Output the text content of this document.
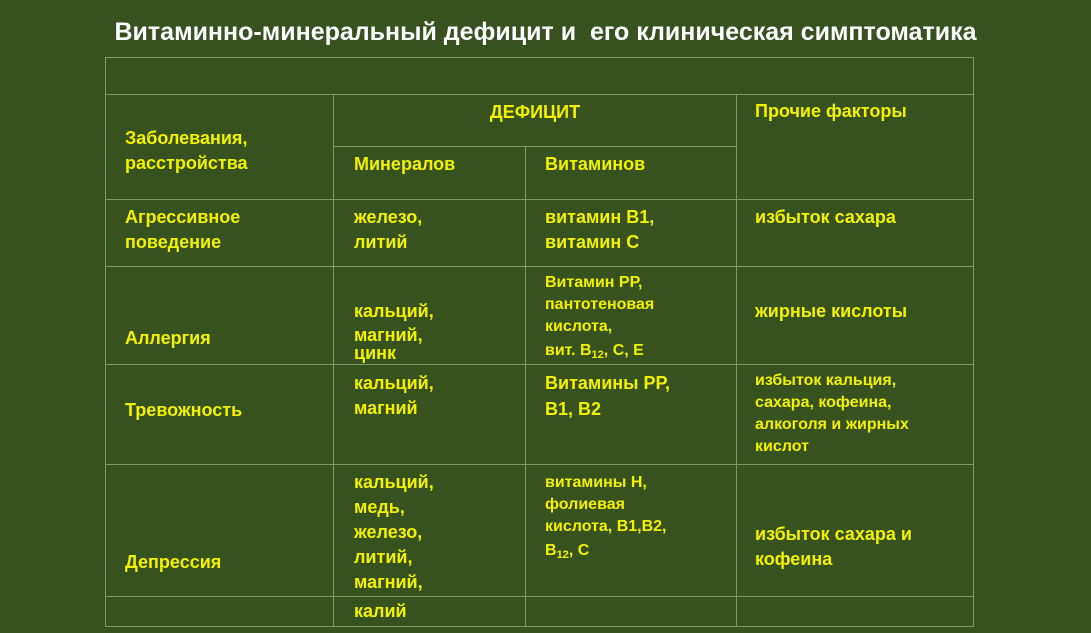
Витаминно-минеральный дефицит и  его клиническая симптоматика
Заболевания,
расстройства
ДЕФИЦИТ
Минералов	Витаминов
Прочие факторы
Агрессивное
поведение
железо,
литий
витамин В1,
витамин С
избыток сахара
Аллергия
кальций,
магний,
цинк
Витамин РР,
пантотеновая
кислота,
вит. $В_{12}$, С, Е
жирные кислоты
Тревожность
кальций,
магний
Витамины РР,
В1, В2
избыток кальция,
сахара, кофеина,
алкоголя и жирных
кислот
Депрессия
кальций,
медь,
железо,
литий,
магний,
витамины Н,
фолиевая
кислота, В1,В2,
$В_{12}$, С
избыток сахара и
кофеина
калий
